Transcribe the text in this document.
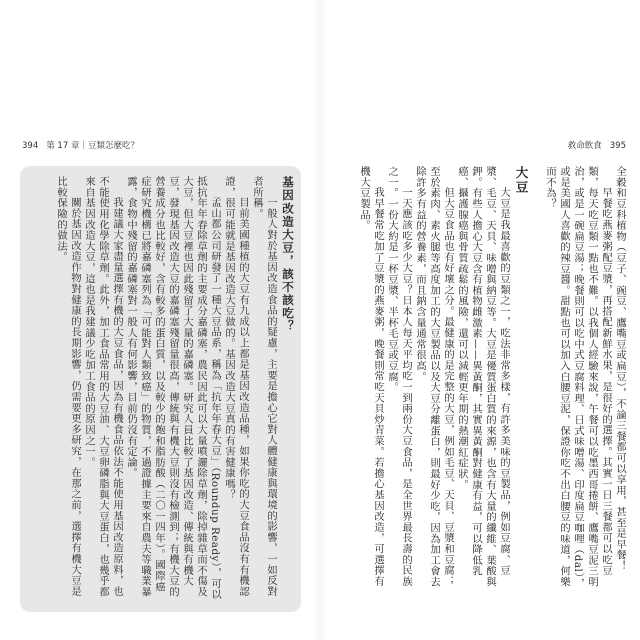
394 第 17 章｜豆類怎麼吃？
基因改造大豆，該不該吃？

一般人對於基因改造食品的疑慮，主要是擔心它對人體健康與環境的影響，一如反對者所稱。

目前美國種植的大豆有九成以上都是基因改造品種，如果你吃的大豆食品沒有有機認證，很可能就是基因改造大豆做的。基因改造大豆真的有害健康嗎？

孟山都公司研發了一種大豆品系，稱為「抗年年春大豆」（Roundup Ready），可以抵抗年年春除草劑的主要成分嘉磷塞，農民因此可以大量噴灑除草劑，除掉雜草而不傷及大豆，但大豆裡也因此殘留了大量的嘉磷塞。研究人員比較了基因改造、傳統與有機大豆，發現基因改造大豆的嘉磷塞殘留量很高，傳統與有機大豆則沒有檢測到；有機大豆的營養成分也比較好，含有較多的蛋白質，以及較少的飽和脂肪酸（二〇一四年）。國際癌症研究機構已將嘉磷塞列為「可能對人類致癌」的物質，不過證據主要來自農夫等職業暴露，食物中殘留的嘉磷塞對一般人有何影響，目前仍沒有定論。

我建議大家盡量選擇有機的大豆食品，因為有機食品依法不能使用基因改造原料，也不能使用化學除草劑。此外，加工食品常用的大豆油、大豆卵磷脂與大豆蛋白，也幾乎都來自基因改造大豆，這也是我建議少吃加工食品的原因之一。

關於基因改造作物對健康的長期影響，仍需要更多研究，在那之前，選擇有機大豆是比較保險的做法。

救命飲食 395

全穀和豆科植物（豆子、豌豆、鷹嘴豆或扁豆），不論三餐都可以享用，甚至是早餐！

早餐吃燕麥粥配豆漿，再搭配新鮮水果，是很好的選擇。其實一日三餐都可以吃豆類，每天吃豆類一點也不難。以我個人經驗來說，午餐可以吃墨西哥捲餅、鷹嘴豆泥三明治，或是一碗扁豆湯；晚餐則可以吃中式豆腐料理、日式味噌湯、印度扁豆咖哩（dal），或是美國人喜歡的辣豆醬。甜點也可以加入白腰豆泥，保證你吃不出白腰豆的味道，何樂而不為？

大豆

大豆是我最喜歡的豆類之一，吃法非常多樣，有許多美味的豆製品，例如豆腐、豆漿、毛豆、天貝、味噌與納豆等。大豆是優質蛋白質的來源，也含有大量的纖維、葉酸與鉀。有些人擔心大豆含有植物雌激素——異黃酮，其實異黃酮對健康有益，可以降低乳癌、攝護腺癌與骨質疏鬆的風險，還可以減輕更年期的熱潮紅症狀。

但大豆食品也有好壞之分。最健康的是完整的大豆，例如毛豆、天貝、豆漿和豆腐；至於素肉、素火腿等高度加工的大豆製品以及大豆分離蛋白，則最好少吃，因為加工會去除許多有益的營養素，而且鈉含量通常很高。

一天應該吃多少大豆？日本人每天平均吃一到兩份大豆食品，是全世界最長壽的民族之一。一份大約是一杯豆漿、半杯毛豆或豆腐。

我早餐常吃加了豆漿的燕麥粥，晚餐則常吃天貝炒青菜。若擔心基因改造，可選擇有機大豆製品。
